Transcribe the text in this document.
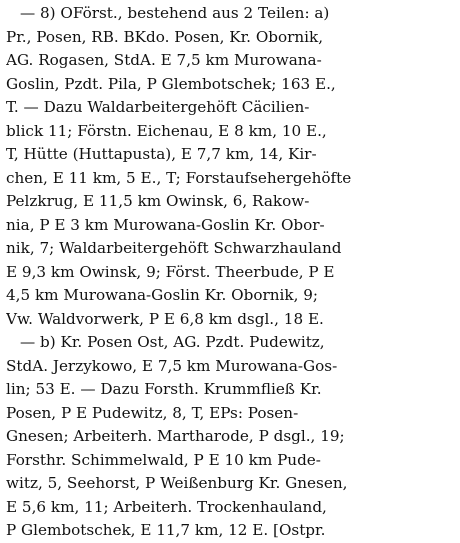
— 8) OFörst., bestehend aus 2 Teilen: a)
Pr., Posen, RB. BKdo. Posen, Kr. Obornik,
AG. Rogasen, StdA. E 7,5 km Murowana-
Goslin, Pzdt. Pila, P Glembotschek; 163 E.,
T. — Dazu Waldarbeitergehöft Cäcilien-
blick 11; Förstn. Eichenau, E 8 km, 10 E.,
T, Hütte (Huttapusta), E 7,7 km, 14, Kir-
chen, E 11 km, 5 E., T; Forstaufsehergehöfte
Pelzkrug, E 11,5 km Owinsk, 6, Rakow-
nia, P E 3 km Murowana-Goslin Kr. Obor-
nik, 7; Waldarbeitergehöft Schwarzhauland
E 9,3 km Owinsk, 9; Först. Theerbude, P E
4,5 km Murowana-Goslin Kr. Obornik, 9;
Vw. Waldvorwerk, P E 6,8 km dsgl., 18 E.
— b) Kr. Posen Ost, AG. Pzdt. Pudewitz,
StdA. Jerzykowo, E 7,5 km Murowana-Gos-
lin; 53 E. — Dazu Forsth. Krummfließ Kr.
Posen, P E Pudewitz, 8, T, EPs: Posen-
Gnesen; Arbeiterh. Martharode, P dsgl., 19;
Forsthr. Schimmelwald, P E 10 km Pude-
witz, 5, Seehorst, P Weißenburg Kr. Gnesen,
E 5,6 km, 11; Arbeiterh. Trockenhauland,
P Glembotschek, E 11,7 km, 12 E. [Ostpr.
